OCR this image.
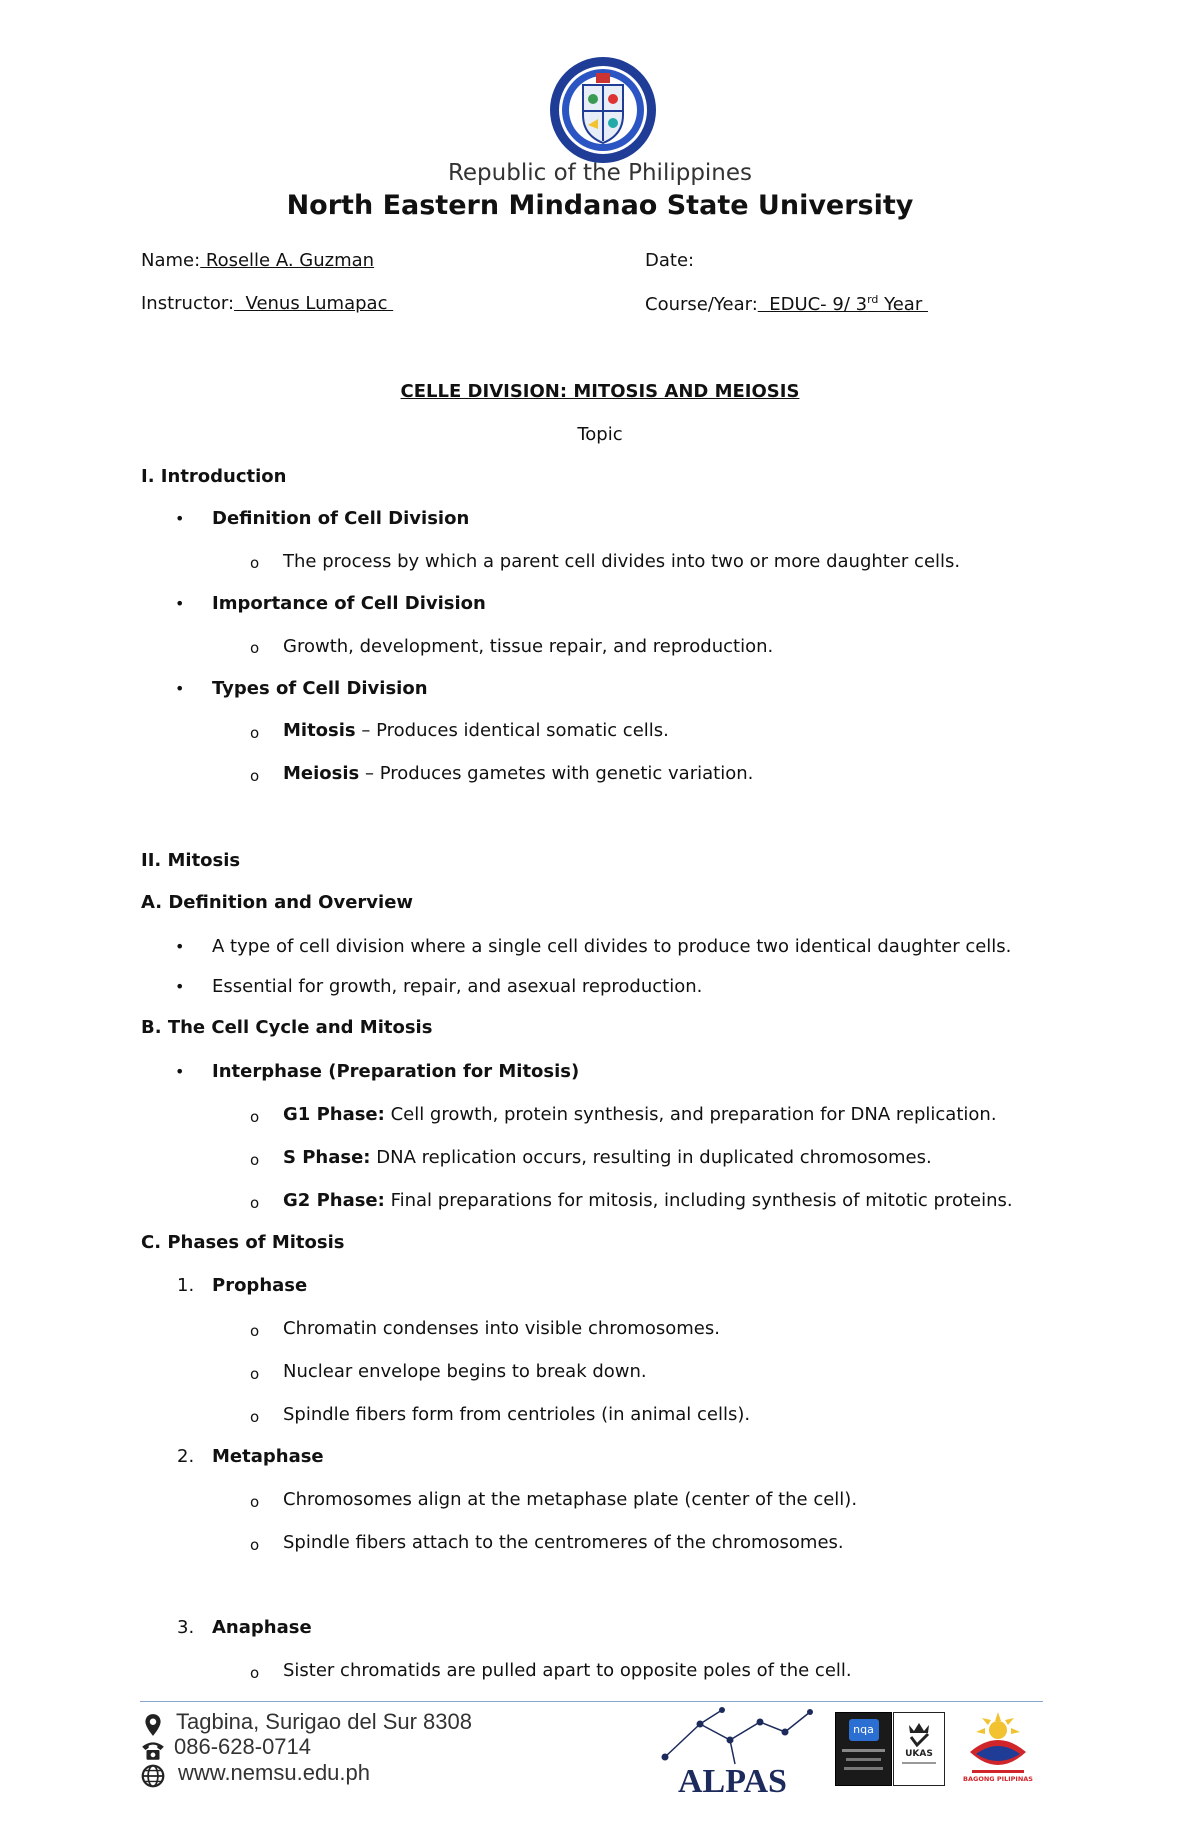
Republic of the Philippines
North Eastern Mindanao State University
Name: Roselle A. Guzman	Date:
Instructor:  Venus Lumapac	Course/Year:  EDUC- 9/ 3rd Year
CELLE DIVISION: MITOSIS AND MEIOSIS
Topic
I. Introduction
• Definition of Cell Division
o The process by which a parent cell divides into two or more daughter cells.
• Importance of Cell Division
o Growth, development, tissue repair, and reproduction.
• Types of Cell Division
o Mitosis – Produces identical somatic cells.
o Meiosis – Produces gametes with genetic variation.
II. Mitosis
A. Definition and Overview
• A type of cell division where a single cell divides to produce two identical daughter cells.
• Essential for growth, repair, and asexual reproduction.
B. The Cell Cycle and Mitosis
• Interphase (Preparation for Mitosis)
o G1 Phase: Cell growth, protein synthesis, and preparation for DNA replication.
o S Phase: DNA replication occurs, resulting in duplicated chromosomes.
o G2 Phase: Final preparations for mitosis, including synthesis of mitotic proteins.
C. Phases of Mitosis
1. Prophase
o Chromatin condenses into visible chromosomes.
o Nuclear envelope begins to break down.
o Spindle fibers form from centrioles (in animal cells).
2. Metaphase
o Chromosomes align at the metaphase plate (center of the cell).
o Spindle fibers attach to the centromeres of the chromosomes.
3. Anaphase
o Sister chromatids are pulled apart to opposite poles of the cell.
Tagbina, Surigao del Sur 8308
086-628-0714
www.nemsu.edu.ph	ALPAS
nqa
UKAS
BAGONG PILIPINAS
